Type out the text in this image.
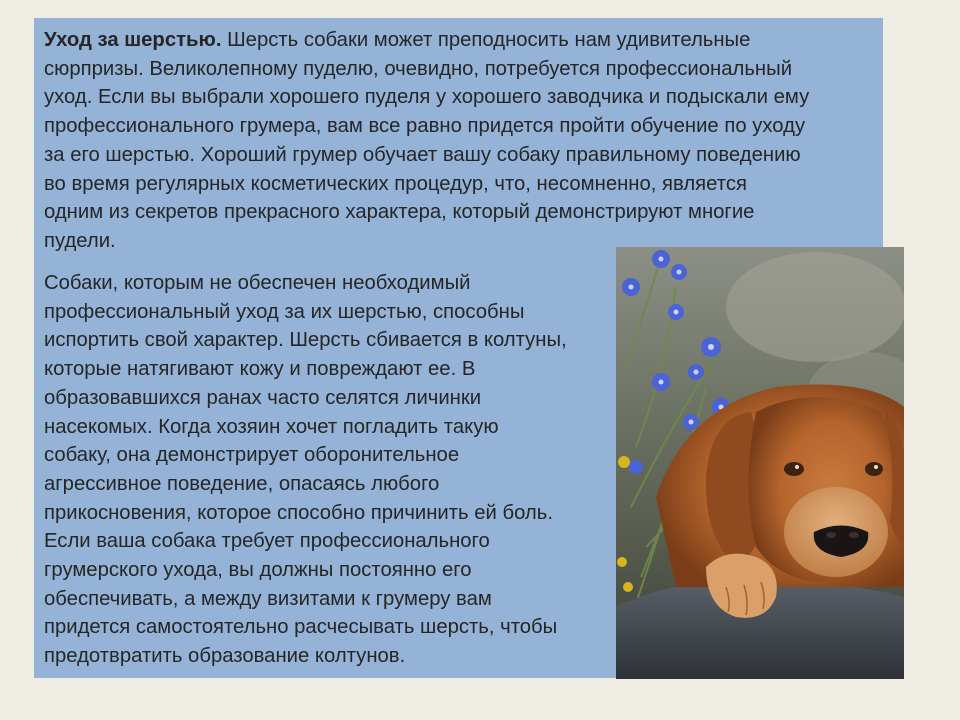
Уход за шерстью. Шерсть собаки может преподносить нам удивительные
сюрпризы. Великолепному пуделю, очевидно, потребуется профессиональный
уход. Если вы выбрали хорошего пуделя у хорошего заводчика и подыскали ему
профессионального грумера, вам все равно придется пройти обучение по уходу
за его шерстью. Хороший грумер обучает вашу собаку правильному поведению
во время регулярных косметических процедур, что, несомненно, является
одним из секретов прекрасного характера, который демонстрируют многие
пудели.

Собаки, которым не обеспечен необходимый
профессиональный уход за их шерстью, способны
испортить свой характер. Шерсть сбивается в колтуны,
которые натягивают кожу и повреждают ее. В
образовавшихся ранах часто селятся личинки
насекомых. Когда хозяин хочет погладить такую
собаку, она демонстрирует оборонительное
агрессивное поведение, опасаясь любого
прикосновения, которое способно причинить ей боль.
Если ваша собака требует профессионального
грумерского ухода, вы должны постоянно его
обеспечивать, а между визитами к грумеру вам
придется самостоятельно расчесывать шерсть, чтобы
предотвратить образование колтунов.
